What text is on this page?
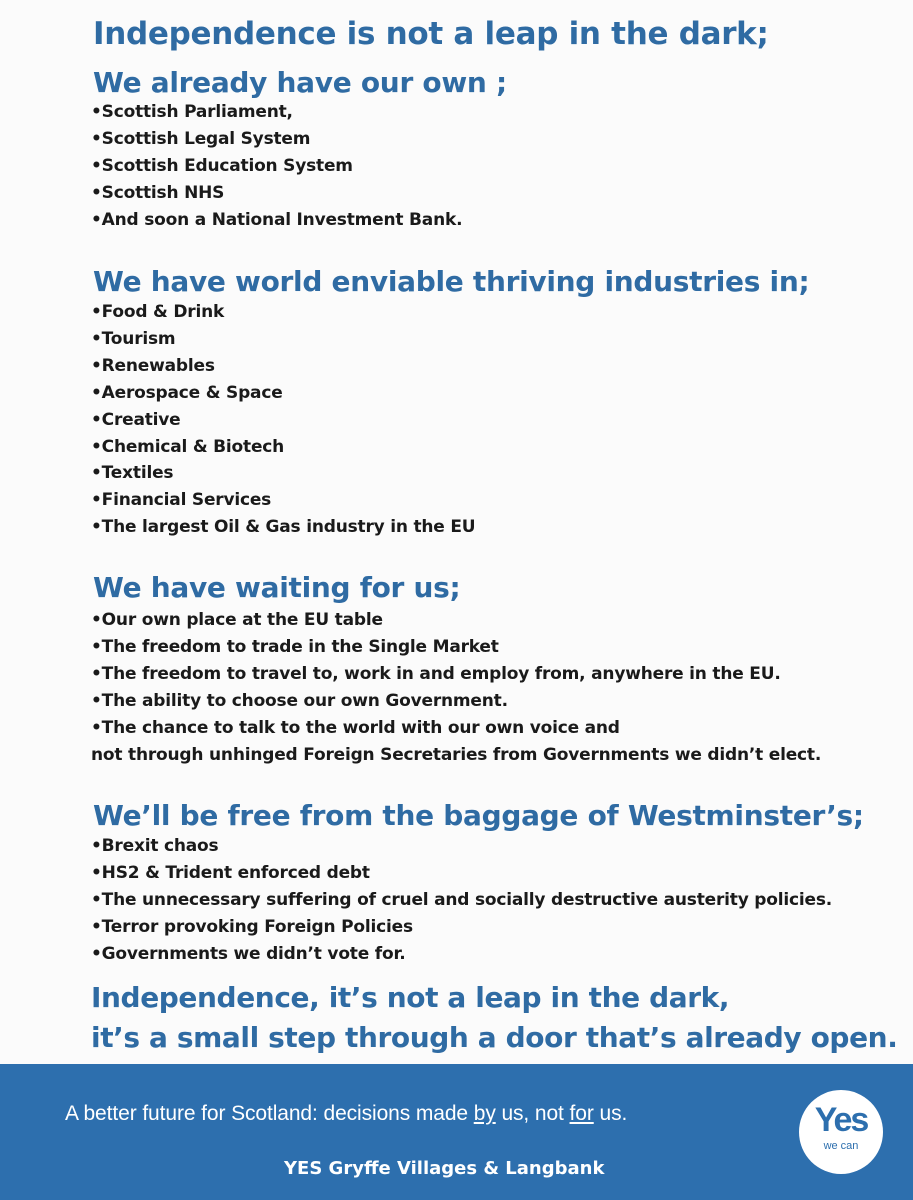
Independence is not a leap in the dark;
We already have our own ;
• Scottish Parliament,
• Scottish Legal System
• Scottish Education System
• Scottish NHS
• And soon a National Investment Bank.
We have world enviable thriving industries in;
• Food & Drink
• Tourism
• Renewables
• Aerospace & Space
• Creative
• Chemical & Biotech
• Textiles
• Financial Services
• The largest Oil & Gas industry in the EU
We have waiting for us;
• Our own place at the EU table
• The freedom to trade in the Single Market
• The freedom to travel to, work in and employ from, anywhere in the EU.
• The ability to choose our own Government.
• The chance to talk to the world with our own voice and
not through unhinged Foreign Secretaries from Governments we didn’t elect.
We’ll be free from the baggage of Westminster’s;
• Brexit chaos
• HS2 & Trident enforced debt
• The unnecessary suffering of cruel and socially destructive austerity policies.
• Terror provoking Foreign Policies
• Governments we didn’t vote for.

Independence, it’s not a leap in the dark,
it’s a small step through a door that’s already open.

A better future for Scotland: decisions made by us, not for us.
YES Gryffe Villages & Langbank
Yes
we can
